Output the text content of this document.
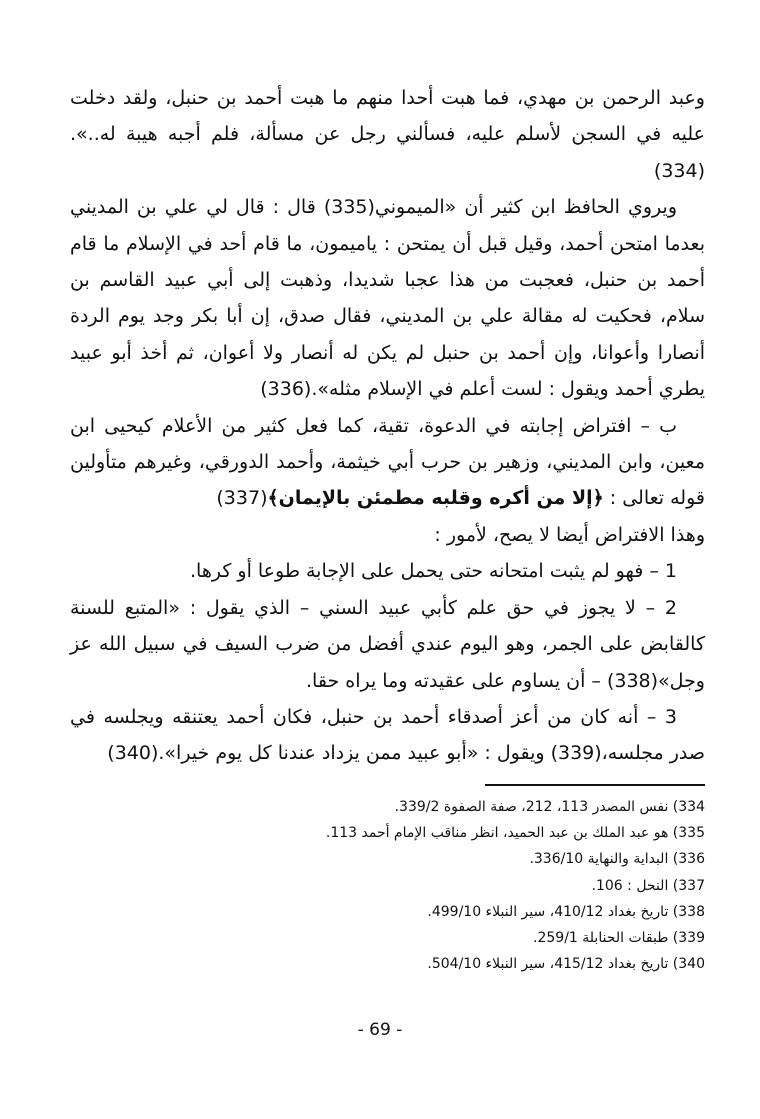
وعبد الرحمن بن مهدي، فما هبت أحدا منهم ما هبت أحمد بن حنبل، ولقد دخلت عليه في السجن لأسلم عليه، فسألني رجل عن مسألة، فلم أجبه هيبة له..».(334)

ويروي الحافظ ابن كثير أن «الميموني(335) قال : قال لي علي بن المديني بعدما امتحن أحمد، وقيل قبل أن يمتحن : ياميمون، ما قام أحد في الإسلام ما قام أحمد بن حنبل، فعجبت من هذا عجبا شديدا، وذهبت إلى أبي عبيد القاسم بن سلام، فحكيت له مقالة علي بن المديني، فقال صدق، إن أبا بكر وجد يوم الردة أنصارا وأعوانا، وإن أحمد بن حنبل لم يكن له أنصار ولا أعوان، ثم أخذ أبو عبيد يطري أحمد ويقول : لست أعلم في الإسلام مثله».(336)

ب – افتراض إجابته في الدعوة، تقية، كما فعل كثير من الأعلام كيحيى ابن معين، وابن المديني، وزهير بن حرب أبي خيثمة، وأحمد الدورقي، وغيرهم متأولين قوله تعالى : ﴿إلا من أكره وقلبه مطمئن بالإيمان﴾(337)

وهذا الافتراض أيضا لا يصح، لأمور :

1 – فهو لم يثبت امتحانه حتى يحمل على الإجابة طوعا أو كرها.

2 – لا يجوز في حق علم كأبي عبيد السني – الذي يقول : «المتبع للسنة كالقابض على الجمر، وهو اليوم عندي أفضل من ضرب السيف في سبيل الله عز وجل»(338) – أن يساوم على عقيدته وما يراه حقا.

3 – أنه كان من أعز أصدقاء أحمد بن حنبل، فكان أحمد يعتنقه ويجلسه في صدر مجلسه،(339) ويقول : «أبو عبيد ممن يزداد عندنا كل يوم خيرا».(340)

334) نفس المصدر 113، 212، صفة الصفوة 339/2.

335) هو عبد الملك بن عبد الحميد، انظر مناقب الإمام أحمد 113.

336) البداية والنهاية 336/10.

337) النحل : 106.

338) تاريخ بغداد 410/12، سير النبلاء 499/10.

339) طبقات الحنابلة 259/1.

340) تاريخ بغداد 415/12، سير النبلاء 504/10.

- 69 -
